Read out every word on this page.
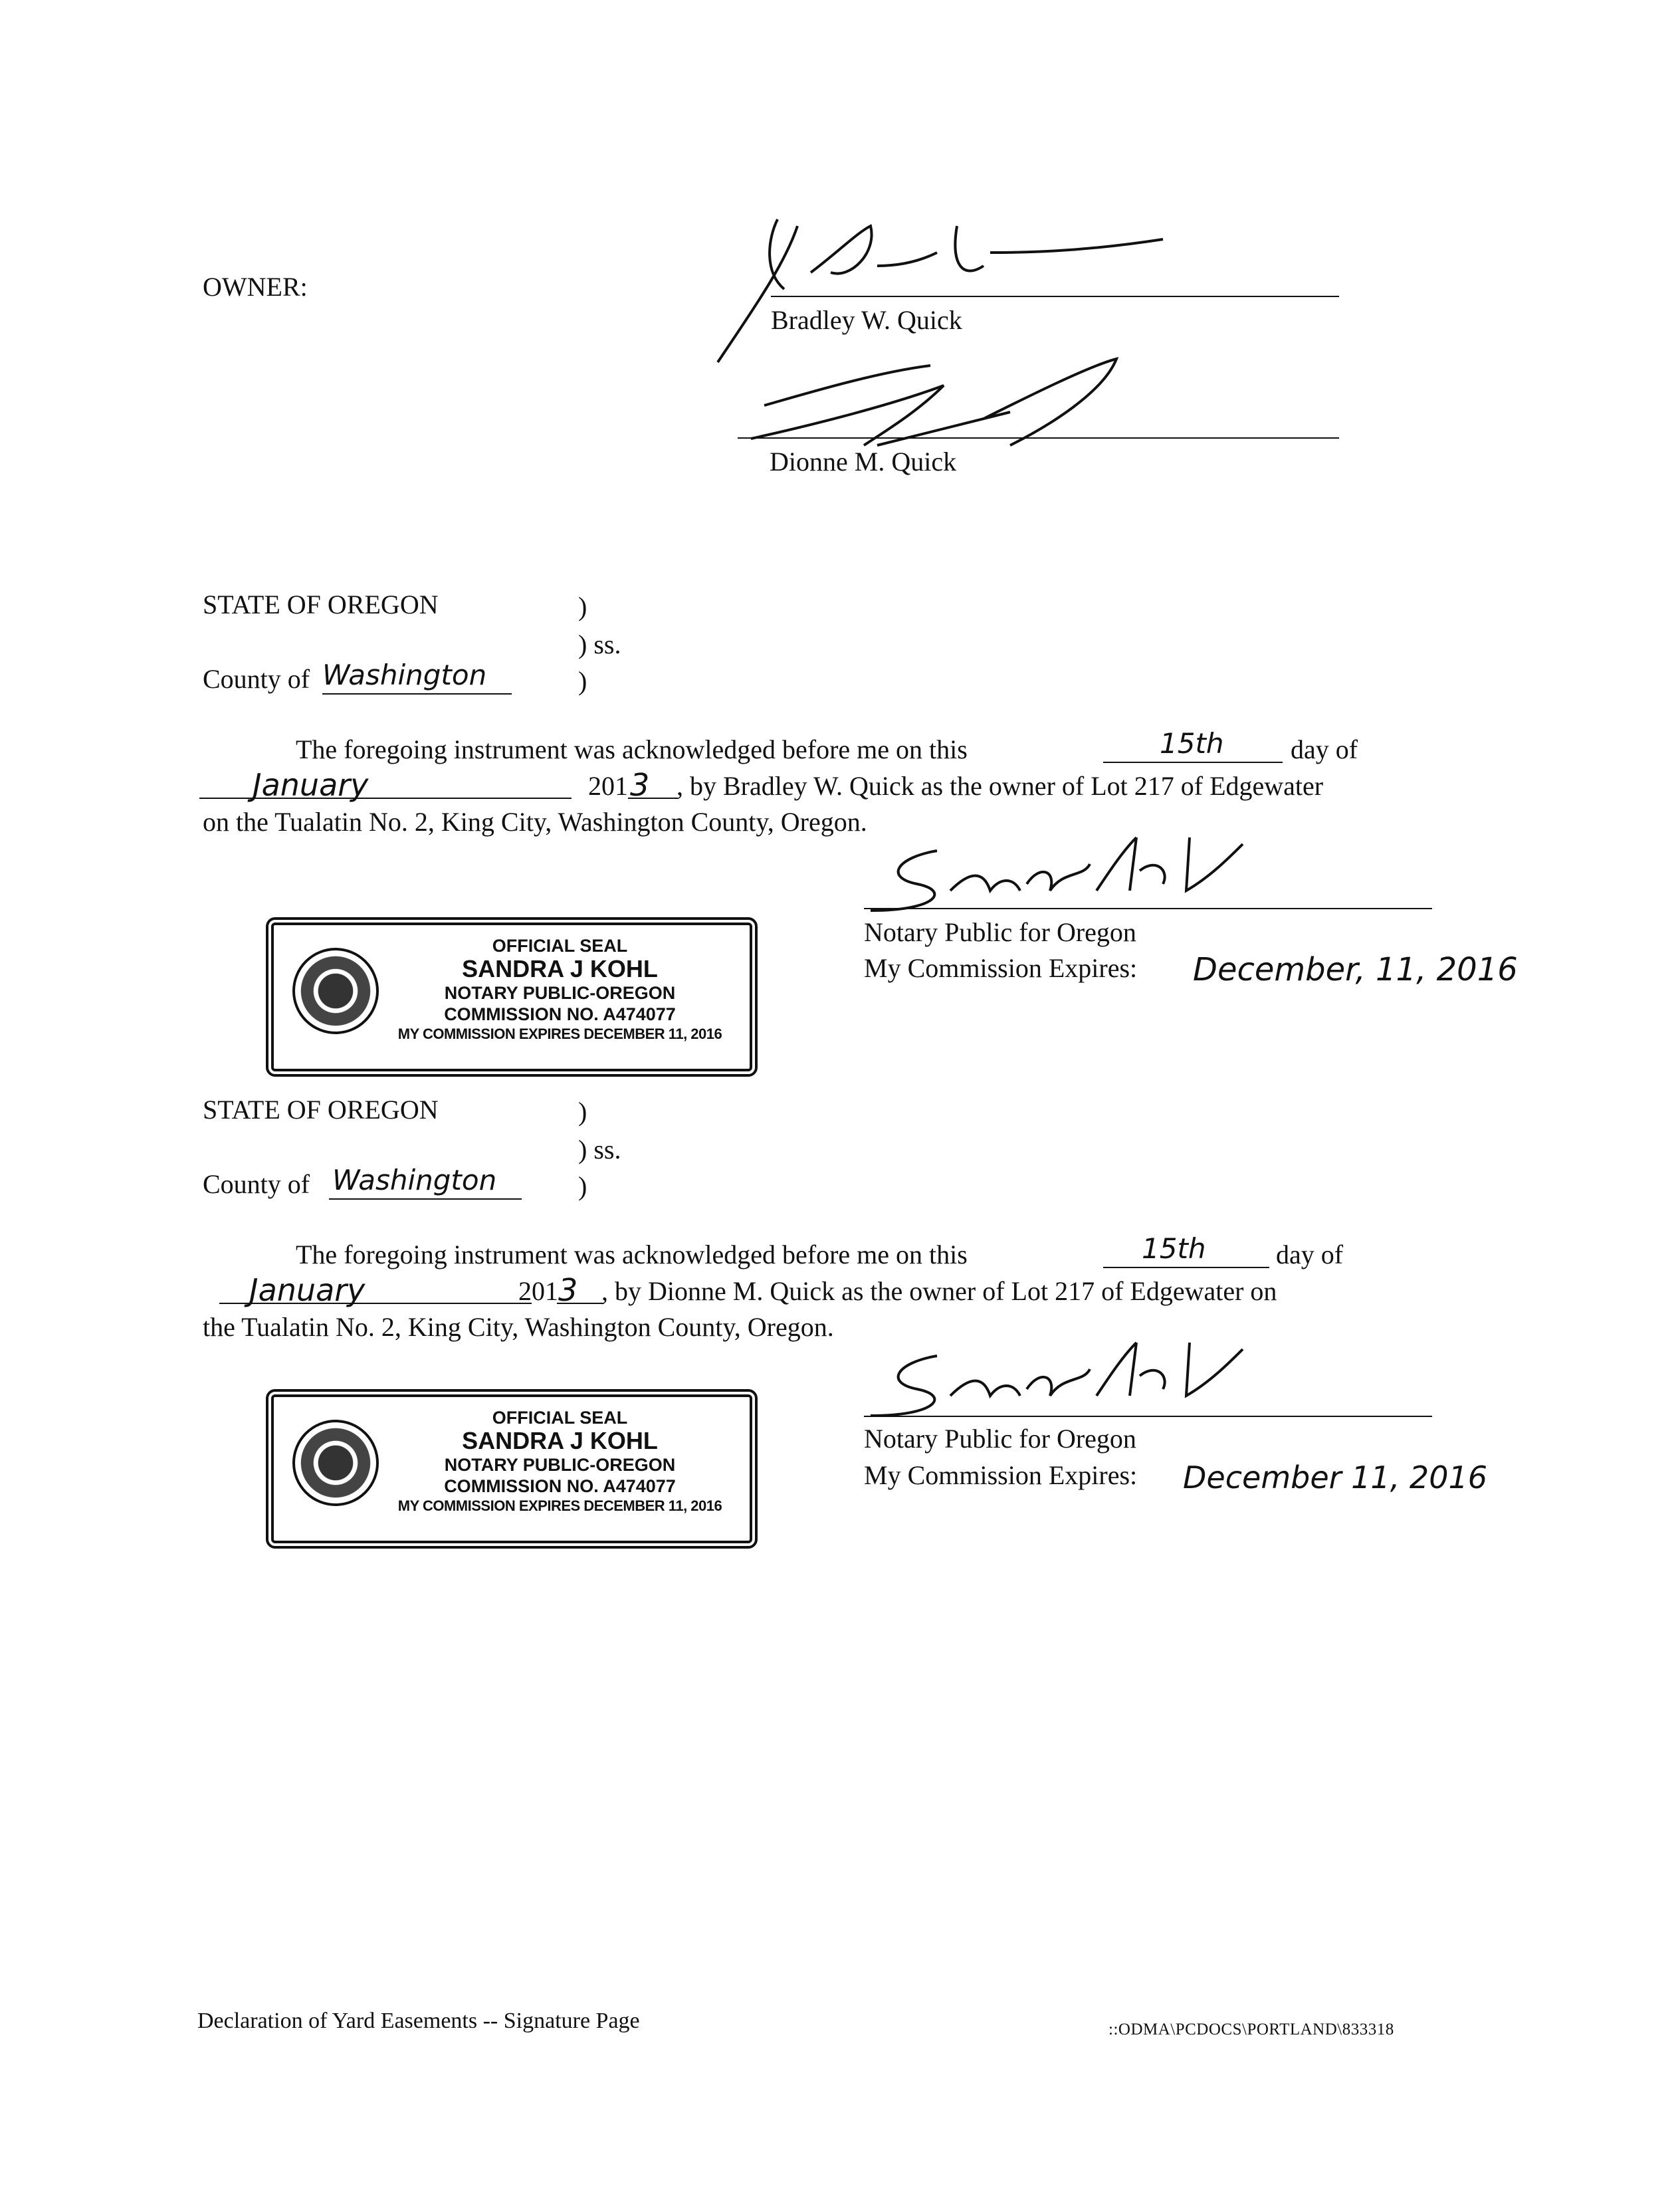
OWNER:
Bradley W. Quick
Dionne M. Quick
STATE OF OREGON	)
) ss.
)
County of Washington
The foregoing instrument was acknowledged before me on this	15th	day of
January	201 3 , by Bradley W. Quick as the owner of Lot 217 of Edgewater
on the Tualatin No. 2, King City, Washington County, Oregon.
Notary Public for Oregon
My Commission Expires: December, 11, 2016
OFFICIAL SEAL
SANDRA J KOHL
NOTARY PUBLIC-OREGON
COMMISSION NO. A474077
MY COMMISSION EXPIRES DECEMBER 11, 2016
STATE OF OREGON	)
) ss.
)
County of Washington
The foregoing instrument was acknowledged before me on this	15th	day of
January	201 3 , by Dionne M. Quick as the owner of Lot 217 of Edgewater on
the Tualatin No. 2, King City, Washington County, Oregon.
Notary Public for Oregon
My Commission Expires: December 11, 2016
OFFICIAL SEAL
SANDRA J KOHL
NOTARY PUBLIC-OREGON
COMMISSION NO. A474077
MY COMMISSION EXPIRES DECEMBER 11, 2016
Declaration of Yard Easements -- Signature Page	::ODMA\PCDOCS\PORTLAND\833318
